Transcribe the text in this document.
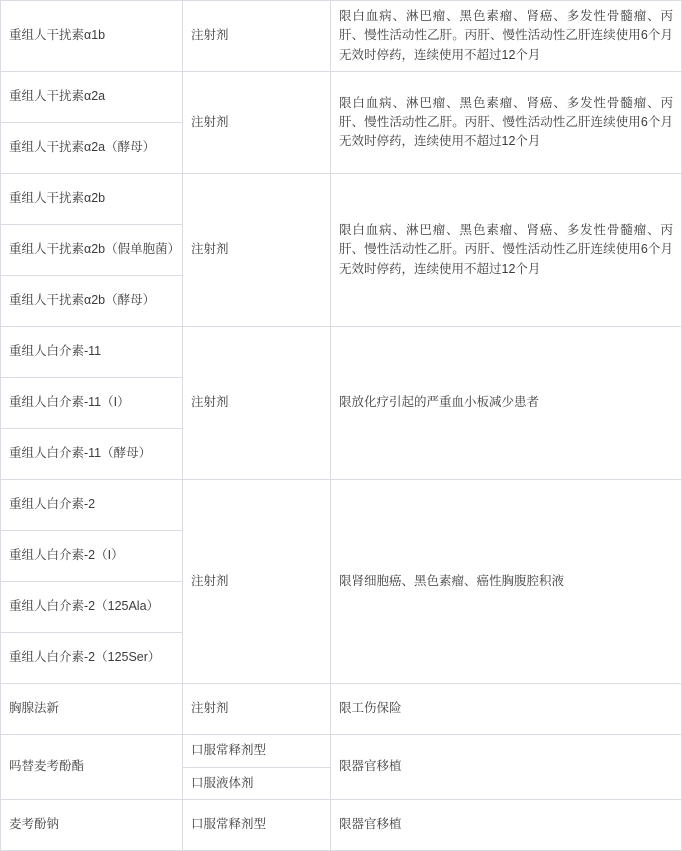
重组人干扰素α1b	注射剂	限白血病、淋巴瘤、黑色素瘤、肾癌、多发性骨髓瘤、丙肝、慢性活动性乙肝。丙肝、慢性活动性乙肝连续使用6个月无效时停药，连续使用不超过12个月
重组人干扰素α2a	注射剂	限白血病、淋巴瘤、黑色素瘤、肾癌、多发性骨髓瘤、丙肝、慢性活动性乙肝。丙肝、慢性活动性乙肝连续使用6个月无效时停药，连续使用不超过12个月
重组人干扰素α2a（酵母）		
重组人干扰素α2b	注射剂	限白血病、淋巴瘤、黑色素瘤、肾癌、多发性骨髓瘤、丙肝、慢性活动性乙肝。丙肝、慢性活动性乙肝连续使用6个月无效时停药，连续使用不超过12个月
重组人干扰素α2b（假单胞菌）		
重组人干扰素α2b（酵母）		
重组人白介素-11	注射剂	限放化疗引起的严重血小板减少患者
重组人白介素-11（I）		
重组人白介素-11（酵母）		
重组人白介素-2	注射剂	限肾细胞癌、黑色素瘤、癌性胸腹腔积液
重组人白介素-2（I）		
重组人白介素-2（125Ala）		
重组人白介素-2（125Ser）		
胸腺法新	注射剂	限工伤保险
吗替麦考酚酯	口服常释剂型	限器官移植
	口服液体剂	
麦考酚钠	口服常释剂型	限器官移植
